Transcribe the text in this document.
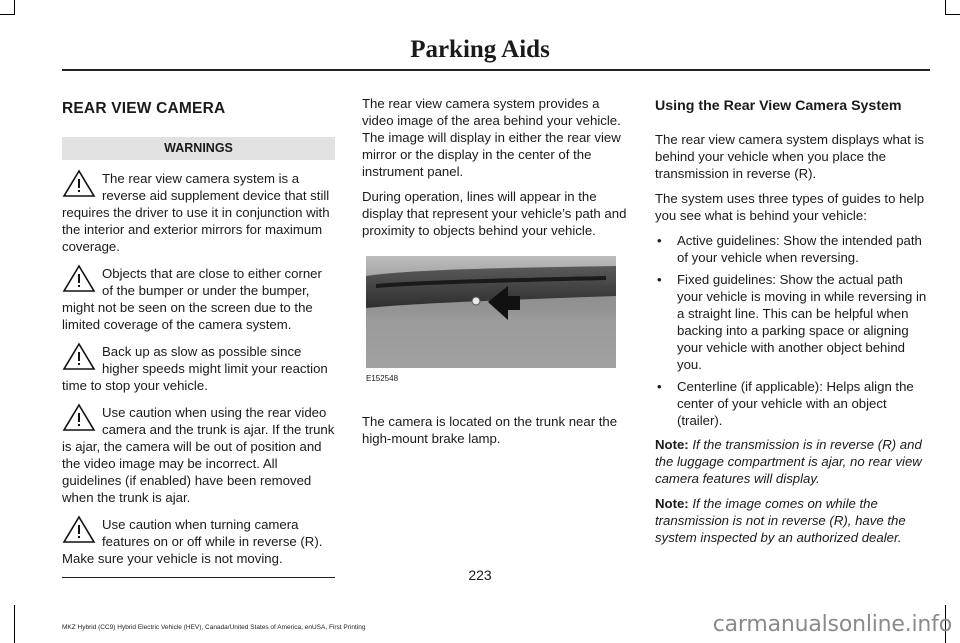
Parking Aids
REAR VIEW CAMERA
WARNINGS
The rear view camera system is a reverse aid supplement device that still requires the driver to use it in conjunction with the interior and exterior mirrors for maximum coverage.
Objects that are close to either corner of the bumper or under the bumper, might not be seen on the screen due to the limited coverage of the camera system.
Back up as slow as possible since higher speeds might limit your reaction time to stop your vehicle.
Use caution when using the rear video camera and the trunk is ajar. If the trunk is ajar, the camera will be out of position and the video image may be incorrect. All guidelines (if enabled) have been removed when the trunk is ajar.
Use caution when turning camera features on or off while in reverse (R). Make sure your vehicle is not moving.

The rear view camera system provides a video image of the area behind your vehicle. The image will display in either the rear view mirror or the display in the center of the instrument panel.

During operation, lines will appear in the display that represent your vehicle’s path and proximity to objects behind your vehicle.

E152548

The camera is located on the trunk near the high-mount brake lamp.

Using the Rear View Camera System

The rear view camera system displays what is behind your vehicle when you place the transmission in reverse (R).

The system uses three types of guides to help you see what is behind your vehicle:

• Active guidelines: Show the intended path of your vehicle when reversing.
• Fixed guidelines: Show the actual path your vehicle is moving in while reversing in a straight line. This can be helpful when backing into a parking space or aligning your vehicle with another object behind you.
• Centerline (if applicable): Helps align the center of your vehicle with an object (trailer).

Note: If the transmission is in reverse (R) and the luggage compartment is ajar, no rear view camera features will display.

Note: If the image comes on while the transmission is not in reverse (R), have the system inspected by an authorized dealer.

223
MKZ Hybrid (CC9) Hybrid Electric Vehicle (HEV), Canada/United States of America, enUSA, First Printing	carmanualsonline.info
